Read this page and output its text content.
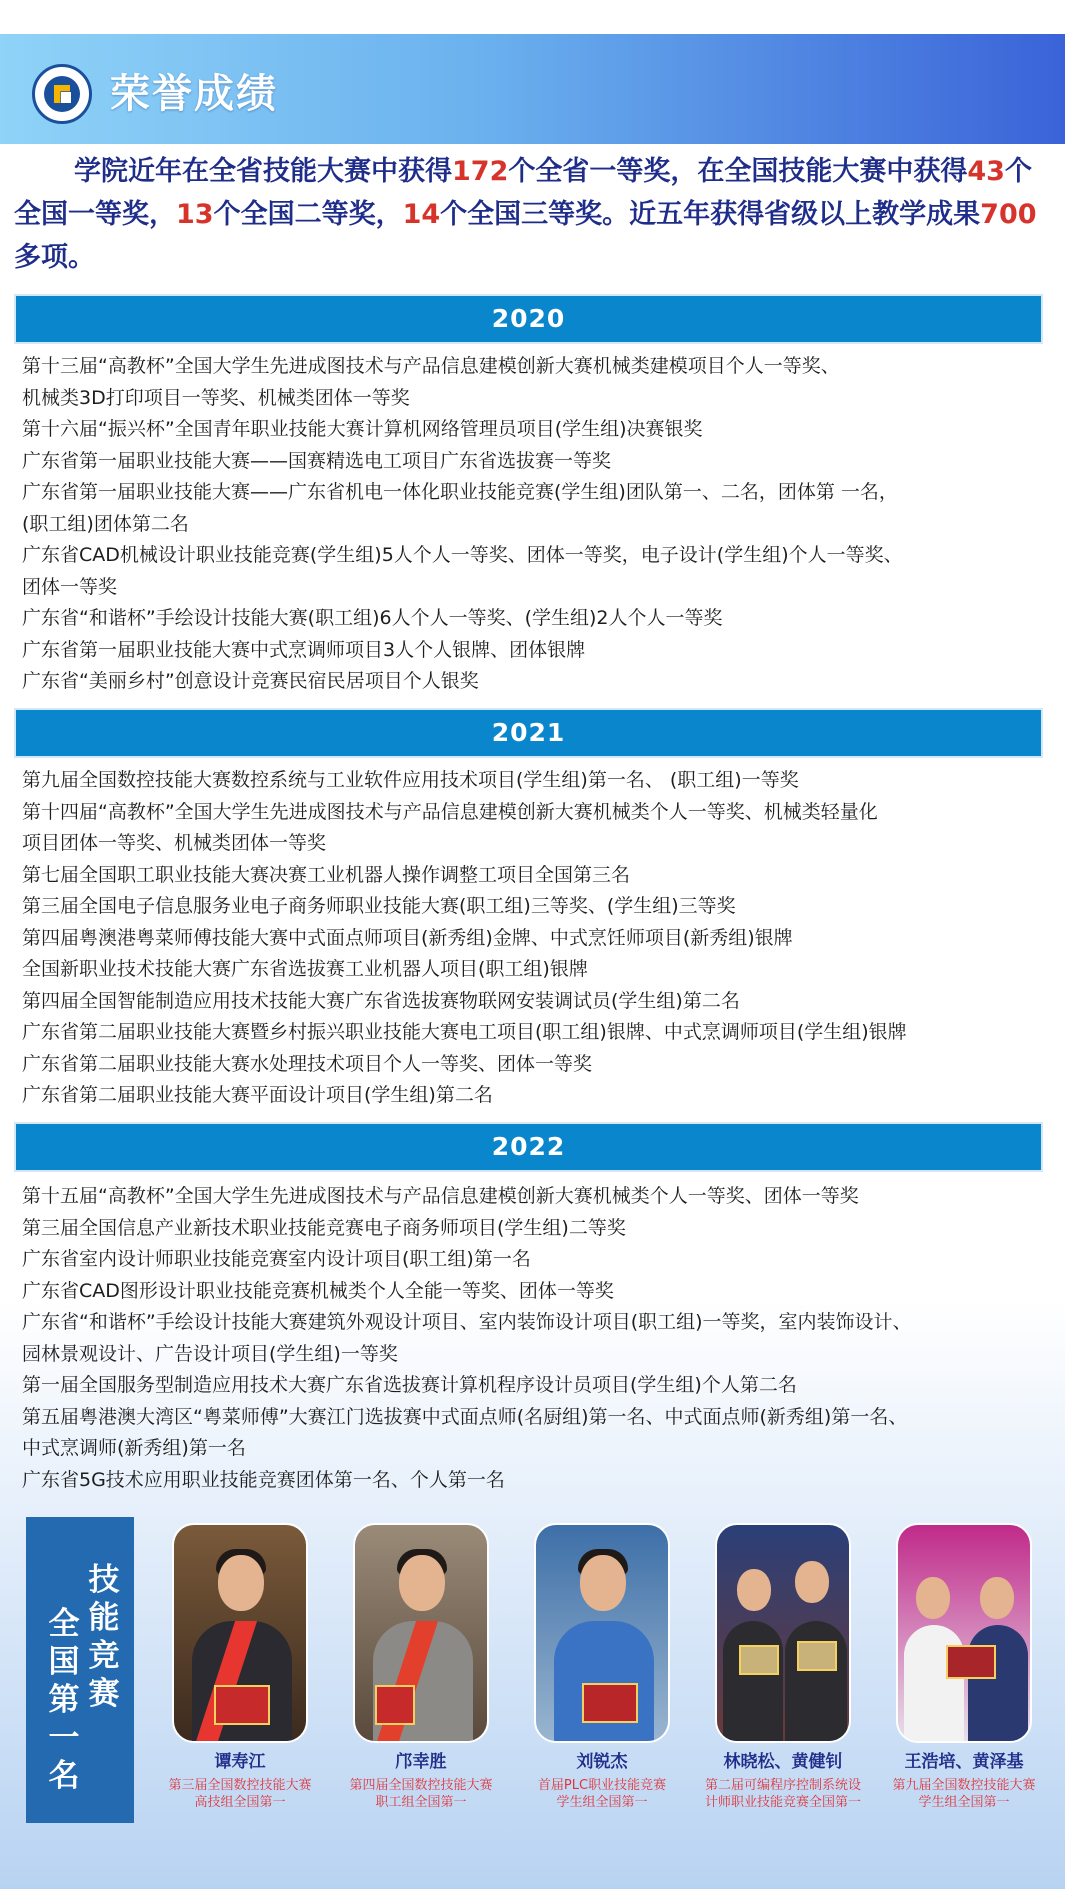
荣誉成绩
学院近年在全省技能大赛中获得172个全省一等奖，在全国技能大赛中获得43个全国一等奖，13个全国二等奖，14个全国三等奖。近五年获得省级以上教学成果700多项。
2020
第十三届“高教杯”全国大学生先进成图技术与产品信息建模创新大赛机械类建模项目个人一等奖、
机械类3D打印项目一等奖、机械类团体一等奖
第十六届“振兴杯”全国青年职业技能大赛计算机网络管理员项目(学生组)决赛银奖
广东省第一届职业技能大赛——国赛精选电工项目广东省选拔赛一等奖
广东省第一届职业技能大赛——广东省机电一体化职业技能竞赛(学生组)团队第一、二名，团体第 一名，
(职工组)团体第二名
广东省CAD机械设计职业技能竞赛(学生组)5人个人一等奖、团体一等奖，电子设计(学生组)个人一等奖、
团体一等奖
广东省“和谐杯”手绘设计技能大赛(职工组)6人个人一等奖、(学生组)2人个人一等奖
广东省第一届职业技能大赛中式烹调师项目3人个人银牌、团体银牌
广东省“美丽乡村”创意设计竞赛民宿民居项目个人银奖
2021
第九届全国数控技能大赛数控系统与工业软件应用技术项目(学生组)第一名、 (职工组)一等奖
第十四届“高教杯”全国大学生先进成图技术与产品信息建模创新大赛机械类个人一等奖、机械类轻量化
项目团体一等奖、机械类团体一等奖
第七届全国职工职业技能大赛决赛工业机器人操作调整工项目全国第三名
第三届全国电子信息服务业电子商务师职业技能大赛(职工组)三等奖、(学生组)三等奖
第四届粤澳港粤菜师傅技能大赛中式面点师项目(新秀组)金牌、中式烹饪师项目(新秀组)银牌
全国新职业技术技能大赛广东省选拔赛工业机器人项目(职工组)银牌
第四届全国智能制造应用技术技能大赛广东省选拔赛物联网安装调试员(学生组)第二名
广东省第二届职业技能大赛暨乡村振兴职业技能大赛电工项目(职工组)银牌、中式烹调师项目(学生组)银牌
广东省第二届职业技能大赛水处理技术项目个人一等奖、团体一等奖
广东省第二届职业技能大赛平面设计项目(学生组)第二名
2022
第十五届“高教杯”全国大学生先进成图技术与产品信息建模创新大赛机械类个人一等奖、团体一等奖
第三届全国信息产业新技术职业技能竞赛电子商务师项目(学生组)二等奖
广东省室内设计师职业技能竞赛室内设计项目(职工组)第一名
广东省CAD图形设计职业技能竞赛机械类个人全能一等奖、团体一等奖
广东省“和谐杯”手绘设计技能大赛建筑外观设计项目、室内装饰设计项目(职工组)一等奖，室内装饰设计、
园林景观设计、广告设计项目(学生组)一等奖
第一届全国服务型制造应用技术大赛广东省选拔赛计算机程序设计员项目(学生组)个人第二名
第五届粤港澳大湾区“粤菜师傅”大赛江门选拔赛中式面点师(名厨组)第一名、中式面点师(新秀组)第一名、
中式烹调师(新秀组)第一名
广东省5G技术应用职业技能竞赛团体第一名、个人第一名
技能竞赛
全国第一名	谭寿江
第三届全国数控技能大赛
高技组全国第一
邝幸胜
第四届全国数控技能大赛
职工组全国第一
刘锐杰
首届PLC职业技能竞赛
学生组全国第一
林晓松、黄健钊
第二届可编程序控制系统设
计师职业技能竞赛全国第一
王浩培、黄泽基
第九届全国数控技能大赛
学生组全国第一
